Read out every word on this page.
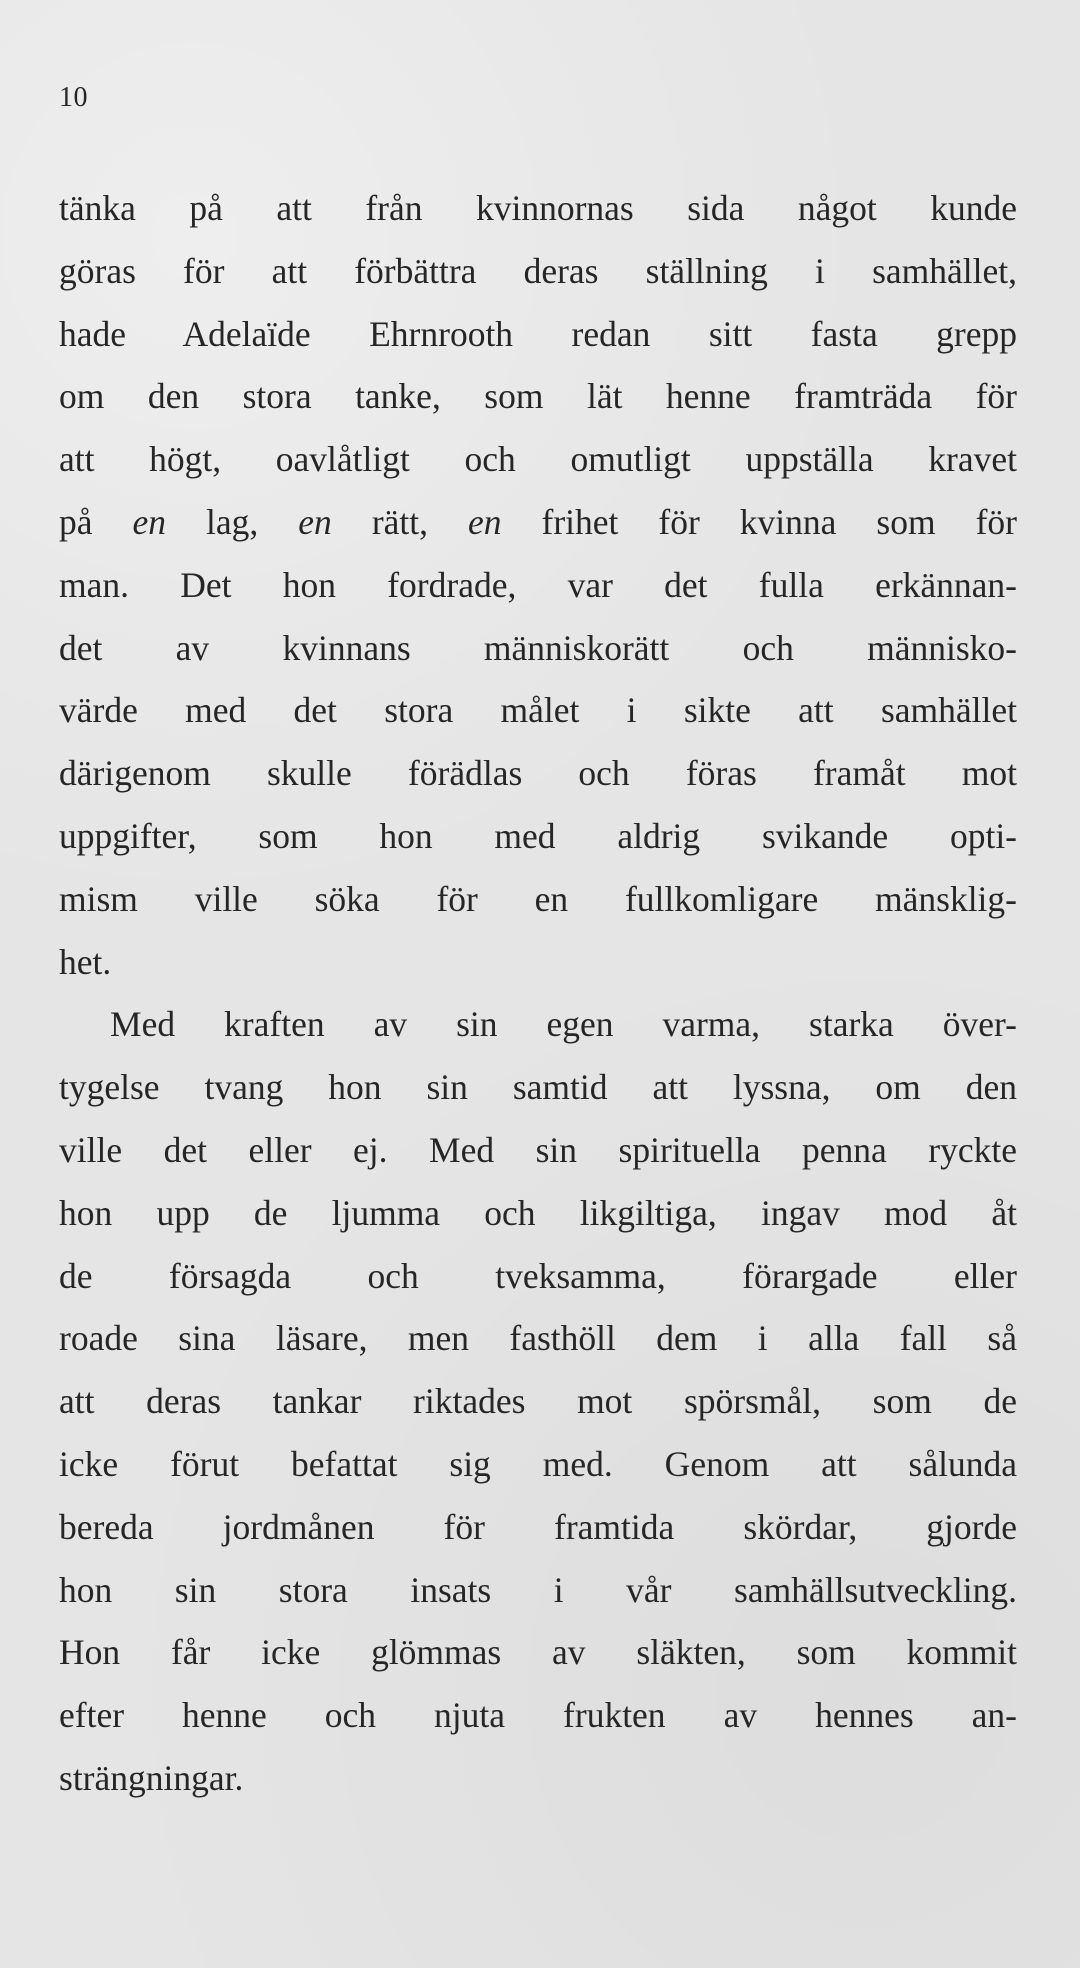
10
tänka på att från kvinnornas sida något kunde
göras för att förbättra deras ställning i samhället,
hade Adelaïde Ehrnrooth redan sitt fasta grepp
om den stora tanke, som lät henne framträda för
att högt, oavlåtligt och omutligt uppställa kravet
på en lag, en rätt, en frihet för kvinna som för
man. Det hon fordrade, var det fulla erkännan-
det av kvinnans människorätt och människo-
värde med det stora målet i sikte att samhället
därigenom skulle förädlas och föras framåt mot
uppgifter, som hon med aldrig svikande opti-
mism ville söka för en fullkomligare mänsklig-
het.
Med kraften av sin egen varma, starka över-
tygelse tvang hon sin samtid att lyssna, om den
ville det eller ej. Med sin spirituella penna ryckte
hon upp de ljumma och likgiltiga, ingav mod åt
de försagda och tveksamma, förargade eller
roade sina läsare, men fasthöll dem i alla fall så
att deras tankar riktades mot spörsmål, som de
icke förut befattat sig med. Genom att sålunda
bereda jordmånen för framtida skördar, gjorde
hon sin stora insats i vår samhällsutveckling.
Hon får icke glömmas av släkten, som kommit
efter henne och njuta frukten av hennes an-
strängningar.
